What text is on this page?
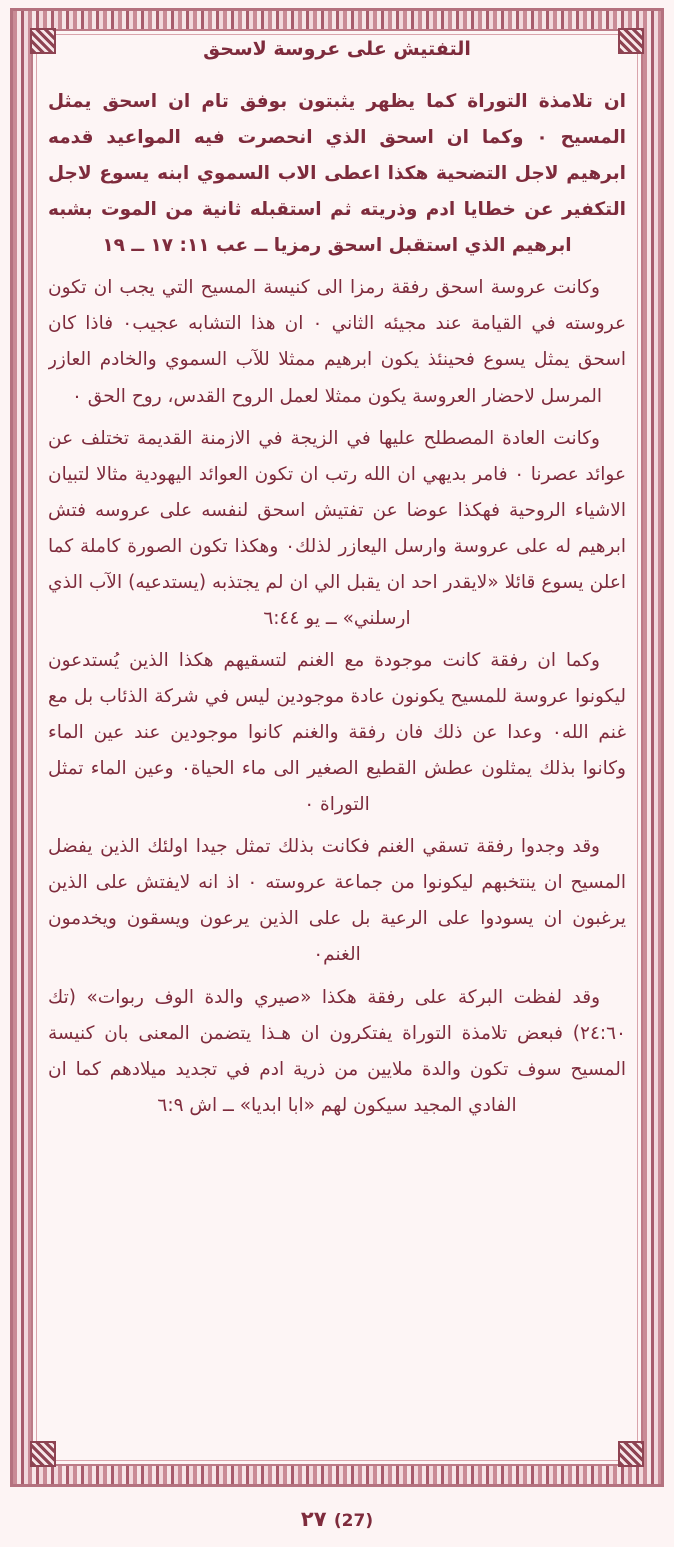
التفتيش على عروسة لاسحق

ان تلامذة التوراة كما يظهر يثبتون بوفق تام ان اسحق يمثل المسيح ٠ وكما ان اسحق الذي انحصرت فيه المواعيد قدمه ابرهيم لاجل التضحية هكذا اعطى الاب السموي ابنه يسوع لاجل التكفير عن خطايا ادم وذريته ثم استقبله ثانية من الموت بشبه ابرهيم الذي استقبل اسحق رمزيا ــ عب ١١: ١٧ ــ ١٩

وكانت عروسة اسحق رفقة رمزا الى كنيسة المسيح التي يجب ان تكون عروسته في القيامة عند مجيئه الثاني ٠ ان هذا التشابه عجيب٠ فاذا كان اسحق يمثل يسوع فحينئذ يكون ابرهيم ممثلا للآب السموي والخادم العازر المرسل لاحضار العروسة يكون ممثلا لعمل الروح القدس، روح الحق ٠

وكانت العادة المصطلح عليها في الزيجة في الازمنة القديمة تختلف عن عوائد عصرنا ٠ فامر بديهي ان الله رتب ان تكون العوائد اليهودية مثالا لتبيان الاشياء الروحية فهكذا عوضا عن تفتيش اسحق لنفسه على عروسه فتش ابرهيم له على عروسة وارسل اليعازر لذلك٠ وهكذا تكون الصورة كاملة كما اعلن يسوع قائلا «لايقدر احد ان يقبل الي ان لم يجتذبه (يستدعيه) الآب الذي ارسلني» ــ يو ٦:٤٤

وكما ان رفقة كانت موجودة مع الغنم لتسقيهم هكذا الذين يُستدعون ليكونوا عروسة للمسيح يكونون عادة موجودين ليس في شركة الذئاب بل مع غنم الله٠ وعدا عن ذلك فان رفقة والغنم كانوا موجودين عند عين الماء وكانوا بذلك يمثلون عطش القطيع الصغير الى ماء الحياة٠ وعين الماء تمثل التوراة ٠

وقد وجدوا رفقة تسقي الغنم فكانت بذلك تمثل جيدا اولئك الذين يفضل المسيح ان ينتخبهم ليكونوا من جماعة عروسته ٠ اذ انه لايفتش على الذين يرغبون ان يسودوا على الرعية بل على الذين يرعون ويسقون ويخدمون الغنم٠

وقد لفظت البركة على رفقة هكذا «صيري والدة الوف ربوات» (تك ٢٤:٦٠) فبعض تلامذة التوراة يفتكرون ان هـذا يتضمن المعنى بان كنيسة المسيح سوف تكون والدة ملايين من ذرية ادم في تجديد ميلادهم كما ان الفادي المجيد سيكون لهم «ابا ابديا» ــ اش ٦:٩

(27) ٢٧
